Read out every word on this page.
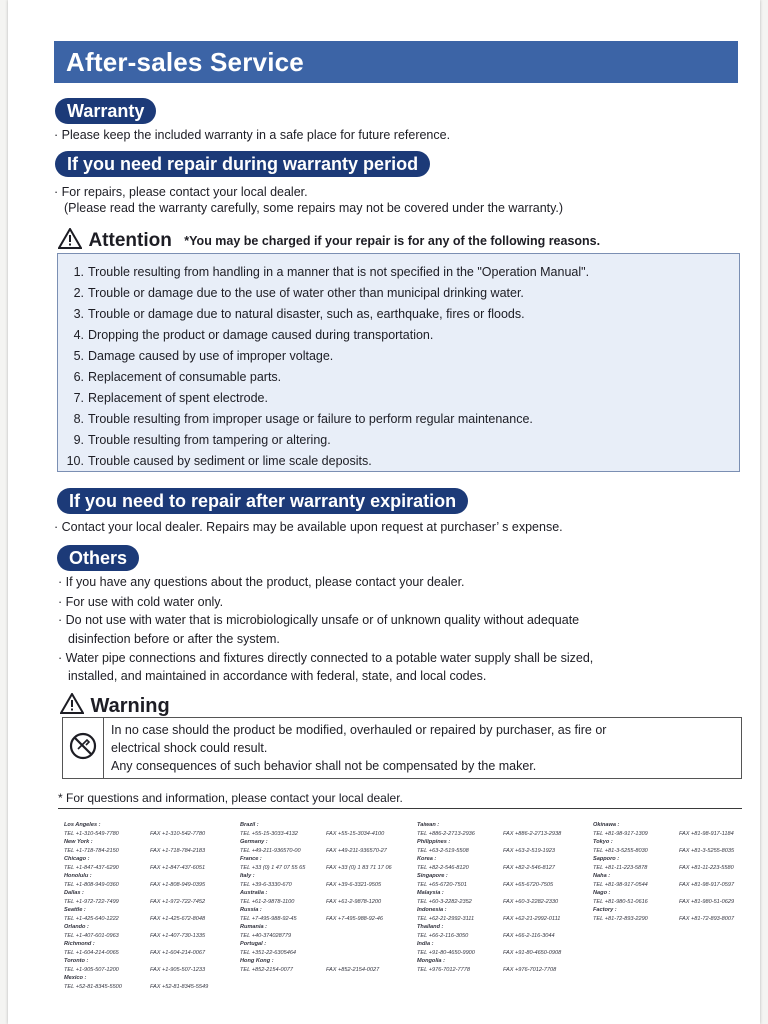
After-sales Service
Warranty
· Please keep the included warranty in a safe place for future reference.
If you need repair during warranty period
· For repairs, please contact your local dealer.
(Please read the warranty carefully, some repairs may not be covered under the warranty.)
Attention *You may be charged if your repair is for any of the following reasons.
1. Trouble resulting from handling in a manner that is not specified in the "Operation Manual".
2. Trouble or damage due to the use of water other than municipal drinking water.
3. Trouble or damage due to natural disaster, such as, earthquake, fires or floods.
4. Dropping the product or damage caused during transportation.
5. Damage caused by use of improper voltage.
6. Replacement of consumable parts.
7. Replacement of spent electrode.
8. Trouble resulting from improper usage or failure to perform regular maintenance.
9. Trouble resulting from tampering or altering.
10. Trouble caused by sediment or lime scale deposits.
If you need to repair after warranty expiration
· Contact your local dealer. Repairs may be available upon request at purchaser’ s expense.
Others
· If you have any questions about the product, please contact your dealer.
· For use with cold water only.
· Do not use with water that is microbiologically unsafe or of unknown quality without adequate
disinfection before or after the system.
· Water pipe connections and fixtures directly connected to a potable water supply shall be sized,
installed, and maintained in accordance with federal, state, and local codes.
Warning
In no case should the product be modified, overhauled or repaired by purchaser, as fire or
electrical shock could result.
Any consequences of such behavior shall not be compensated by the maker.
* For questions and information, please contact your local dealer.
Los Angeles :
TEL +1-310-549-7780	FAX +1-310-542-7780
New York :
TEL +1-718-784-2150	FAX +1-718-784-2183
Chicago :
TEL +1-847-437-6290	FAX +1-847-437-6051
Honolulu :
TEL +1-808-949-0360	FAX +1-808-949-0395
Dallas :
TEL +1-972-722-7499	FAX +1-972-722-7452
Seattle :
TEL +1-425-640-1222	FAX +1-425-672-8048
Orlando :
TEL +1-407-601-0963	FAX +1-407-730-1335
Richmond :
TEL +1-604-214-0065	FAX +1-604-214-0067
Toronto :
TEL +1-905-507-1200	FAX +1-905-507-1233
Mexico :
TEL +52-81-8345-5500	FAX +52-81-8345-5549
Brazil :
TEL +55-15-3033-4132	FAX +55-15-3034-4100
Germany :
TEL +49-211-936570-00	FAX +49-211-936570-27
France :
TEL +33 (0) 1 47 07 55 65	FAX +33 (0) 1 83 71 17 06
Italy :
TEL +39-6-3330-670	FAX +39-6-3321-9505
Australia :
TEL +61-2-9878-1100	FAX +61-2-9878-1200
Russia :
TEL +7-495-988-92-45	FAX +7-495-988-92-46
Rumania :
TEL +40-374028779
Portugal :
TEL +351-22-6305464
Hong Kong :
TEL +852-2154-0077	FAX +852-2154-0027
Taiwan :
TEL +886-2-2713-2936	FAX +886-2-2713-2938
Philippines :
TEL +63-2-519-5508	FAX +63-2-519-1923
Korea :
TEL +82-2-546-8120	FAX +82-2-546-8127
Singapore :
TEL +65-6720-7501	FAX +65-6720-7505
Malaysia :
TEL +60-3-2282-2352	FAX +60-3-2282-2330
Indonesia :
TEL +62-21-2992-3111	FAX +62-21-2992-0111
Thailand :
TEL +66-2-116-3050	FAX +66-2-116-3044
India :
TEL +91-80-4650-9900	FAX +91-80-4650-0908
Mongolia :
TEL +976-7012-7778	FAX +976-7012-7708
Okinawa :
TEL +81-98-917-1309	FAX +81-98-917-1184
Tokyo :
TEL +81-3-5255-8030	FAX +81-3-5255-8035
Sapporo :
TEL +81-11-223-5878	FAX +81-11-223-5580
Naha :
TEL +81-98-917-0544	FAX +81-98-917-0597
Nago :
TEL +81-980-51-0616	FAX +81-980-51-0629
Factory :
TEL +81-72-893-2290	FAX +81-72-893-8007
